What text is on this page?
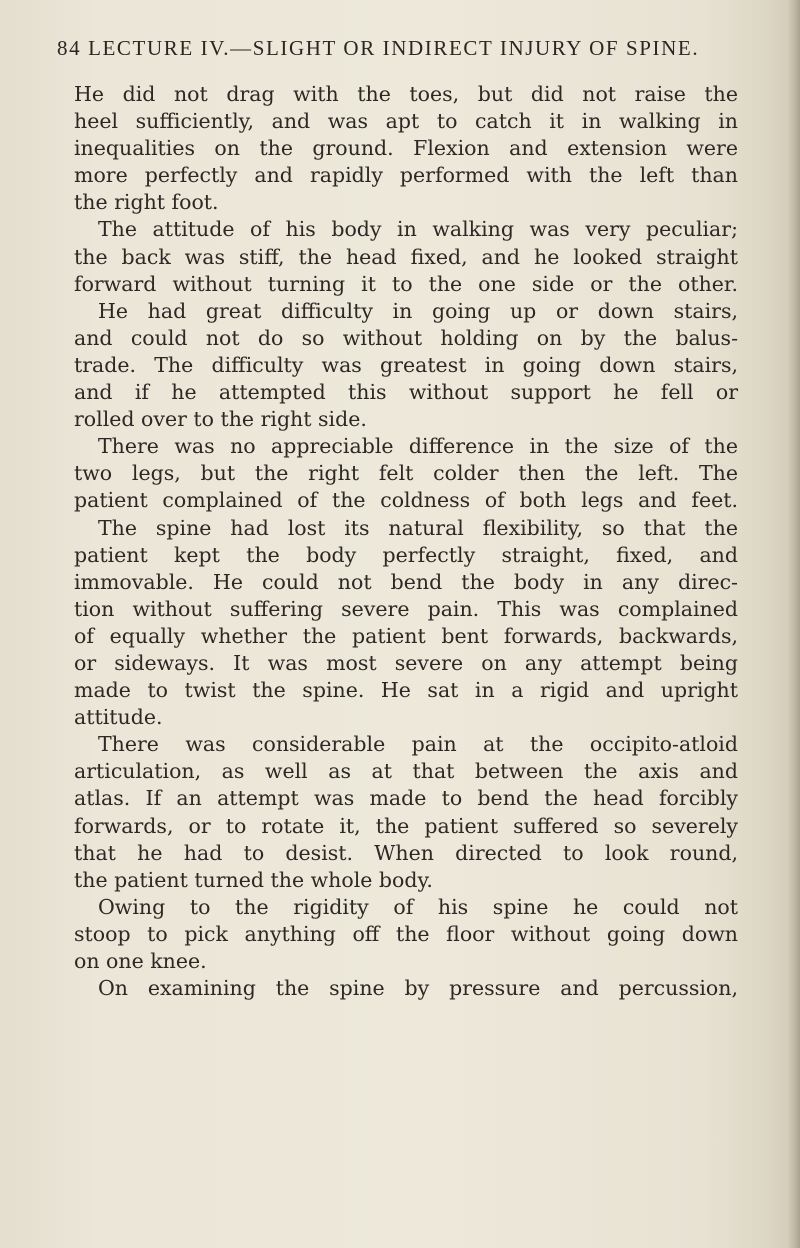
84 LECTURE IV.—SLIGHT OR INDIRECT INJURY OF SPINE.
He did not drag with the toes, but did not raise the
heel sufficiently, and was apt to catch it in walking in
inequalities on the ground. Flexion and extension were
more perfectly and rapidly performed with the left than
the right foot.
The attitude of his body in walking was very peculiar;
the back was stiff, the head fixed, and he looked straight
forward without turning it to the one side or the other.
He had great difficulty in going up or down stairs,
and could not do so without holding on by the balus-
trade. The difficulty was greatest in going down stairs,
and if he attempted this without support he fell or
rolled over to the right side.
There was no appreciable difference in the size of the
two legs, but the right felt colder then the left. The
patient complained of the coldness of both legs and feet.
The spine had lost its natural flexibility, so that the
patient kept the body perfectly straight, fixed, and
immovable. He could not bend the body in any direc-
tion without suffering severe pain. This was complained
of equally whether the patient bent forwards, backwards,
or sideways. It was most severe on any attempt being
made to twist the spine. He sat in a rigid and upright
attitude.
There was considerable pain at the occipito-atloid
articulation, as well as at that between the axis and
atlas. If an attempt was made to bend the head forcibly
forwards, or to rotate it, the patient suffered so severely
that he had to desist. When directed to look round,
the patient turned the whole body.
Owing to the rigidity of his spine he could not
stoop to pick anything off the floor without going down
on one knee.
On examining the spine by pressure and percussion,
